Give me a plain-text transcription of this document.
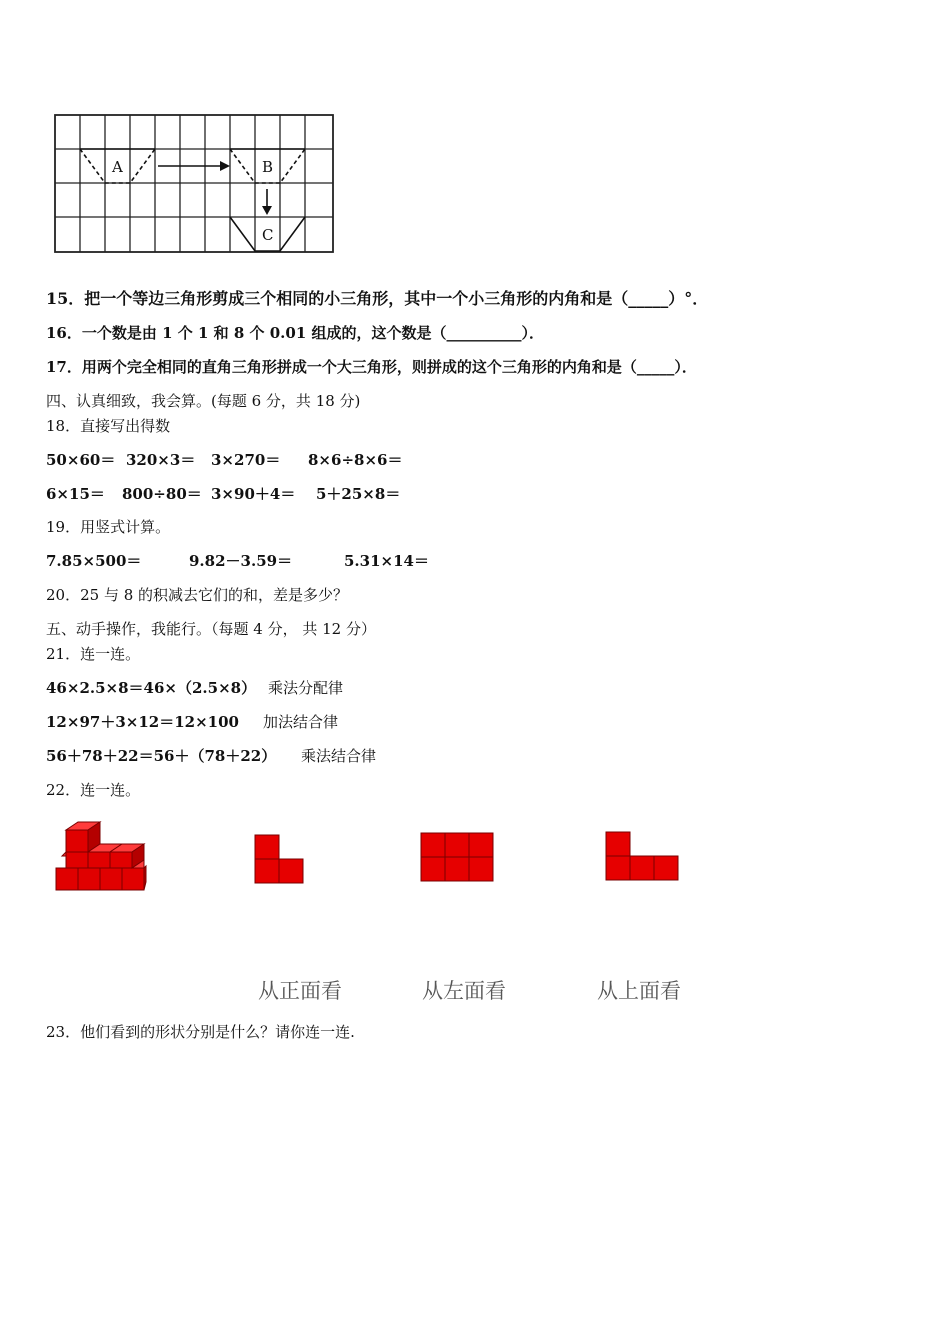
A	B
C
15．把一个等边三角形剪成三个相同的小三角形，其中一个小三角形的内角和是（_____）°．
16．一个数是由 1 个 1 和 8 个 0.01 组成的，这个数是（__________）．
17．用两个完全相同的直角三角形拼成一个大三角形，则拼成的这个三角形的内角和是（_____）．
四、认真细致，我会算。(每题 6 分，共 18 分)
18．直接写出得数
50×60＝ 320×3＝ 3×270＝ 8×6÷8×6＝
6×15＝ 800÷80＝ 3×90＋4＝ 5＋25×8＝
19．用竖式计算。
7.85×500＝	9.82－3.59＝	5.31×14＝
20．25 与 8 的积减去它们的和，差是多少？
五、动手操作，我能行。（每题 4 分， 共 12 分）
21．连一连。
46×2.5×8＝46×（2.5×8） 乘法分配律
12×97＋3×12＝12×100 加法结合律
56＋78＋22＝56＋（78＋22） 乘法结合律
22．连一连。
从正面看	从左面看	从上面看
23．他们看到的形状分别是什么？请你连一连.
